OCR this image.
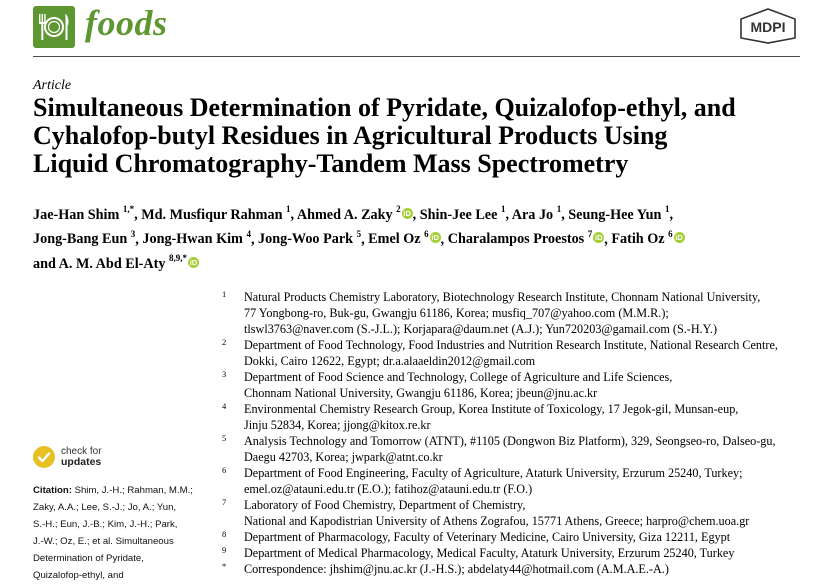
foods	MDPI
Article
Simultaneous Determination of Pyridate, Quizalofop-ethyl, and
Cyhalofop-butyl Residues in Agricultural Products Using
Liquid Chromatography-Tandem Mass Spectrometry
Jae-Han Shim $^{1,*}$, Md. Musfiqur Rahman $^1$, Ahmed A. Zaky $^2$ iD , Shin-Jee Lee $^1$, Ara Jo $^1$, Seung-Hee Yun $^1$,
Jong-Bang Eun $^3$, Jong-Hwan Kim $^4$, Jong-Woo Park $^5$, Emel Oz $^6$ iD , Charalampos Proestos $^7$ iD , Fatih Oz $^6$ iD
and A. M. Abd El-Aty $^{8,9,*}$ iD
1 Natural Products Chemistry Laboratory, Biotechnology Research Institute, Chonnam National University,
77 Yongbong-ro, Buk-gu, Gwangju 61186, Korea; musfiq_707@yahoo.com (M.M.R.);
tlswl3763@naver.com (S.-J.L.); Korjapara@daum.net (A.J.); Yun720203@gamail.com (S.-H.Y.)
2 Department of Food Technology, Food Industries and Nutrition Research Institute, National Research Centre,
Dokki, Cairo 12622, Egypt; dr.a.alaaeldin2012@gmail.com
3 Department of Food Science and Technology, College of Agriculture and Life Sciences,
Chonnam National University, Gwangju 61186, Korea; jbeun@jnu.ac.kr
4 Environmental Chemistry Research Group, Korea Institute of Toxicology, 17 Jegok-gil, Munsan-eup,
Jinju 52834, Korea; jjong@kitox.re.kr
5 Analysis Technology and Tomorrow (ATNT), #1105 (Dongwon Biz Platform), 329, Seongseo-ro, Dalseo-gu,
Daegu 42703, Korea; jwpark@atnt.co.kr
6 Department of Food Engineering, Faculty of Agriculture, Ataturk University, Erzurum 25240, Turkey;
emel.oz@atauni.edu.tr (E.O.); fatihoz@atauni.edu.tr (F.O.)
7 Laboratory of Food Chemistry, Department of Chemistry,
National and Kapodistrian University of Athens Zografou, 15771 Athens, Greece; harpro@chem.uoa.gr
8 Department of Pharmacology, Faculty of Veterinary Medicine, Cairo University, Giza 12211, Egypt
9 Department of Medical Pharmacology, Medical Faculty, Ataturk University, Erzurum 25240, Turkey
* Correspondence: jhshim@jnu.ac.kr (J.-H.S.); abdelaty44@hotmail.com (A.M.A.E.-A.)
check for
updates
Citation: Shim, J.-H.; Rahman, M.M.;
Zaky, A.A.; Lee, S.-J.; Jo, A.; Yun,
S.-H.; Eun, J.-B.; Kim, J.-H.; Park,
J.-W.; Oz, E.; et al. Simultaneous
Determination of Pyridate,
Quizalofop-ethyl, and
